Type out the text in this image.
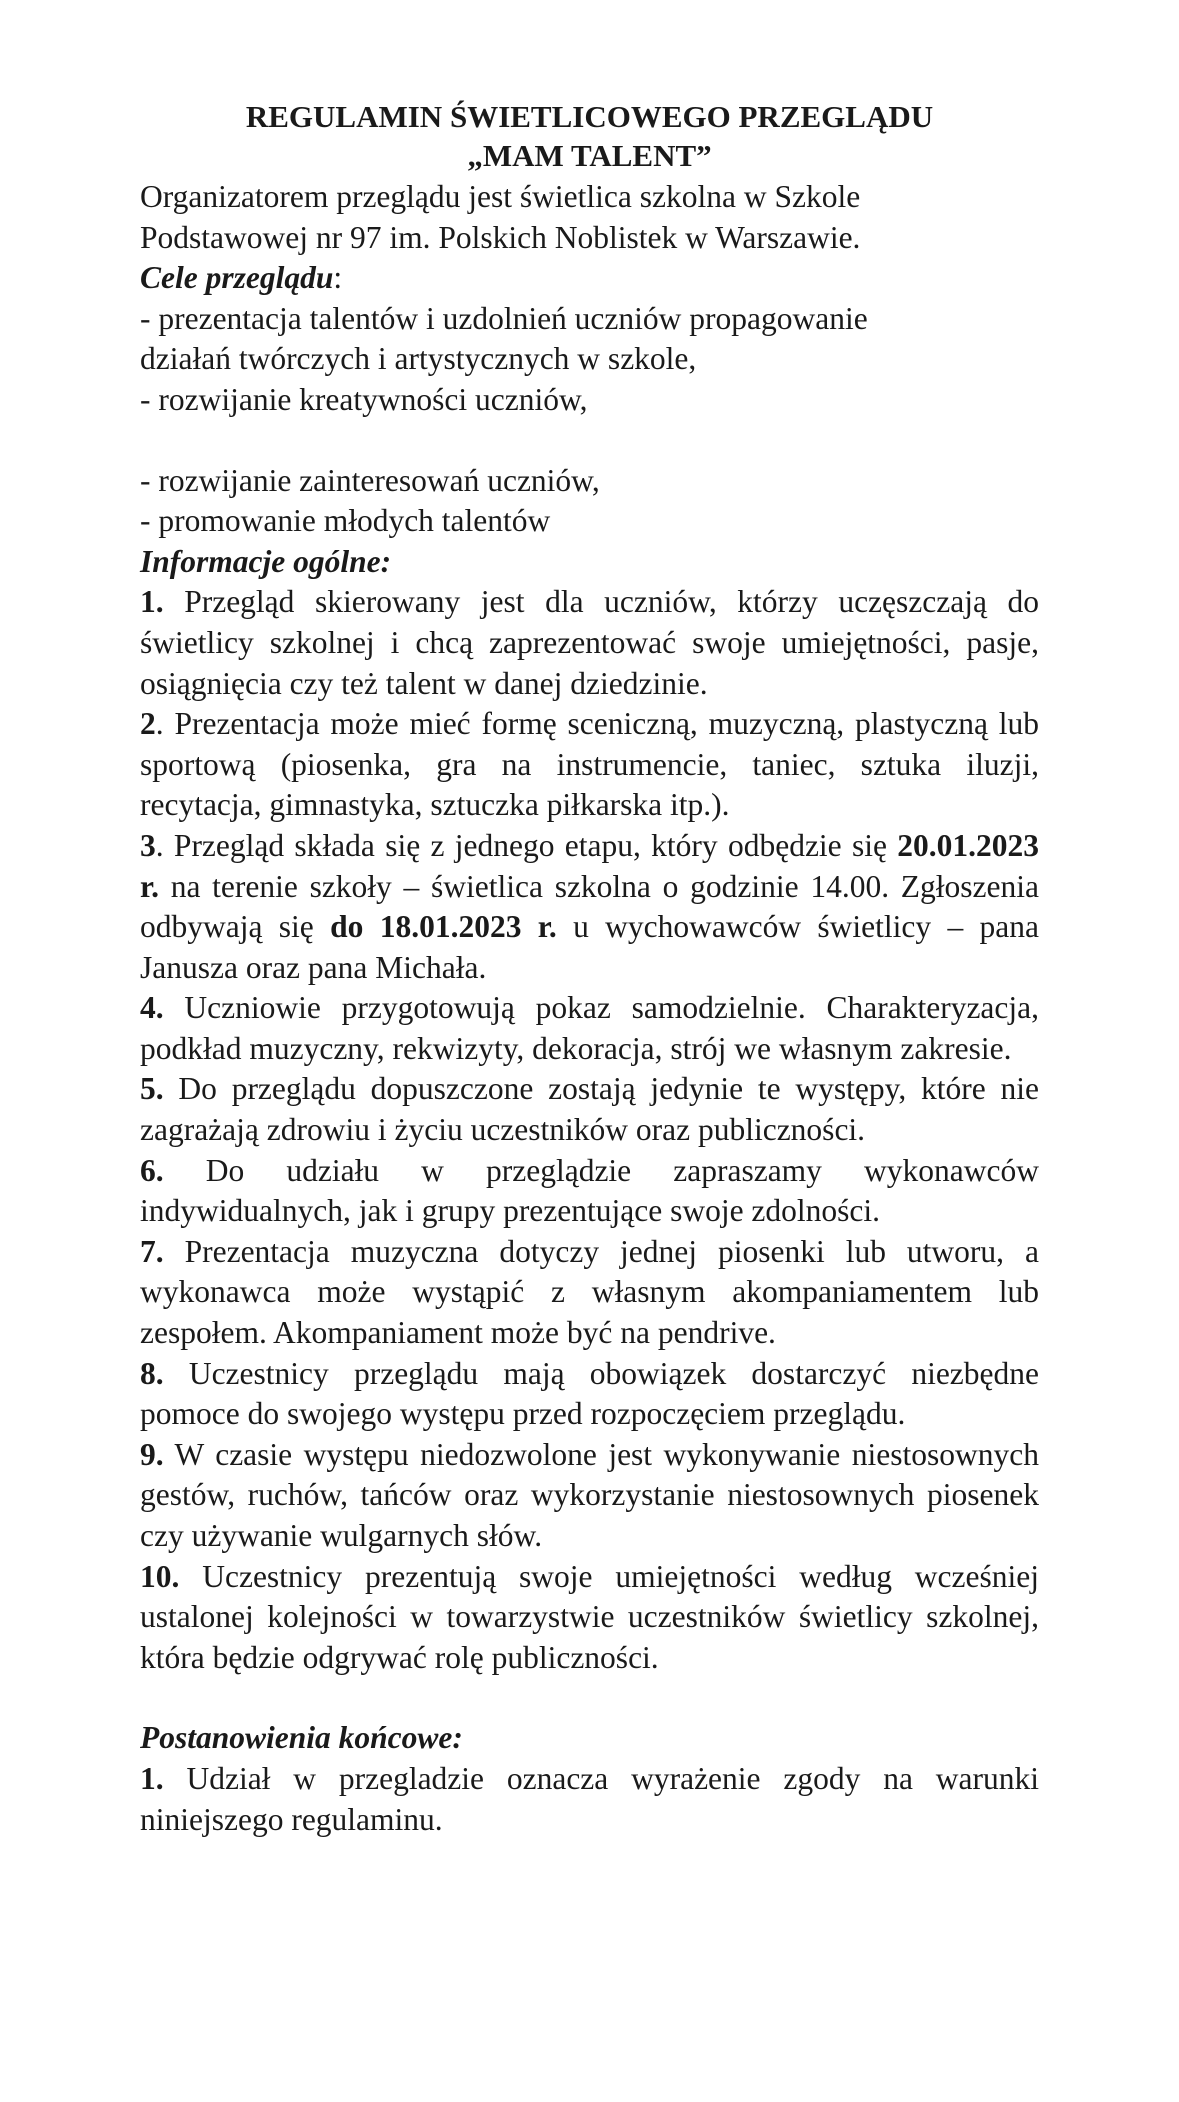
REGULAMIN ŚWIETLICOWEGO PRZEGLĄDU
„MAM TALENT”

Organizatorem przeglądu jest świetlica szkolna w Szkole
Podstawowej nr 97 im. Polskich Noblistek w Warszawie.

Cele przeglądu:

- prezentacja talentów i uzdolnień uczniów propagowanie
działań twórczych i artystycznych w szkole,
- rozwijanie kreatywności uczniów,

- rozwijanie zainteresowań uczniów,
- promowanie młodych talentów

Informacje ogólne:

1. Przegląd skierowany jest dla uczniów, którzy uczęszczają do świetlicy szkolnej i chcą zaprezentować swoje umiejętności, pasje, osiągnięcia czy też talent w danej dziedzinie.

2. Prezentacja może mieć formę sceniczną, muzyczną, plastyczną lub sportową (piosenka, gra na instrumencie, taniec, sztuka iluzji, recytacja, gimnastyka, sztuczka piłkarska itp.).

3. Przegląd składa się z jednego etapu, który odbędzie się 20.01.2023 r. na terenie szkoły – świetlica szkolna o godzinie 14.00. Zgłoszenia odbywają się do 18.01.2023 r. u wychowawców świetlicy – pana Janusza oraz pana Michała.

4. Uczniowie przygotowują pokaz samodzielnie. Charakteryzacja, podkład muzyczny, rekwizyty, dekoracja, strój we własnym zakresie.

5. Do przeglądu dopuszczone zostają jedynie te występy, które nie zagrażają zdrowiu i życiu uczestników oraz publiczności.

6. Do udziału w przeglądzie zapraszamy wykonawców indywidualnych, jak i grupy prezentujące swoje zdolności.

7. Prezentacja muzyczna dotyczy jednej piosenki lub utworu, a wykonawca może wystąpić z własnym akompaniamentem lub zespołem. Akompaniament może być na pendrive.

8. Uczestnicy przeglądu mają obowiązek dostarczyć niezbędne pomoce do swojego występu przed rozpoczęciem przeglądu.

9. W czasie występu niedozwolone jest wykonywanie niestosownych gestów, ruchów, tańców oraz wykorzystanie niestosownych piosenek czy używanie wulgarnych słów.

10. Uczestnicy prezentują swoje umiejętności według wcześniej ustalonej kolejności w towarzystwie uczestników świetlicy szkolnej, która będzie odgrywać rolę publiczności.

Postanowienia końcowe:

1. Udział w przegladzie oznacza wyrażenie zgody na warunki niniejszego regulaminu.
